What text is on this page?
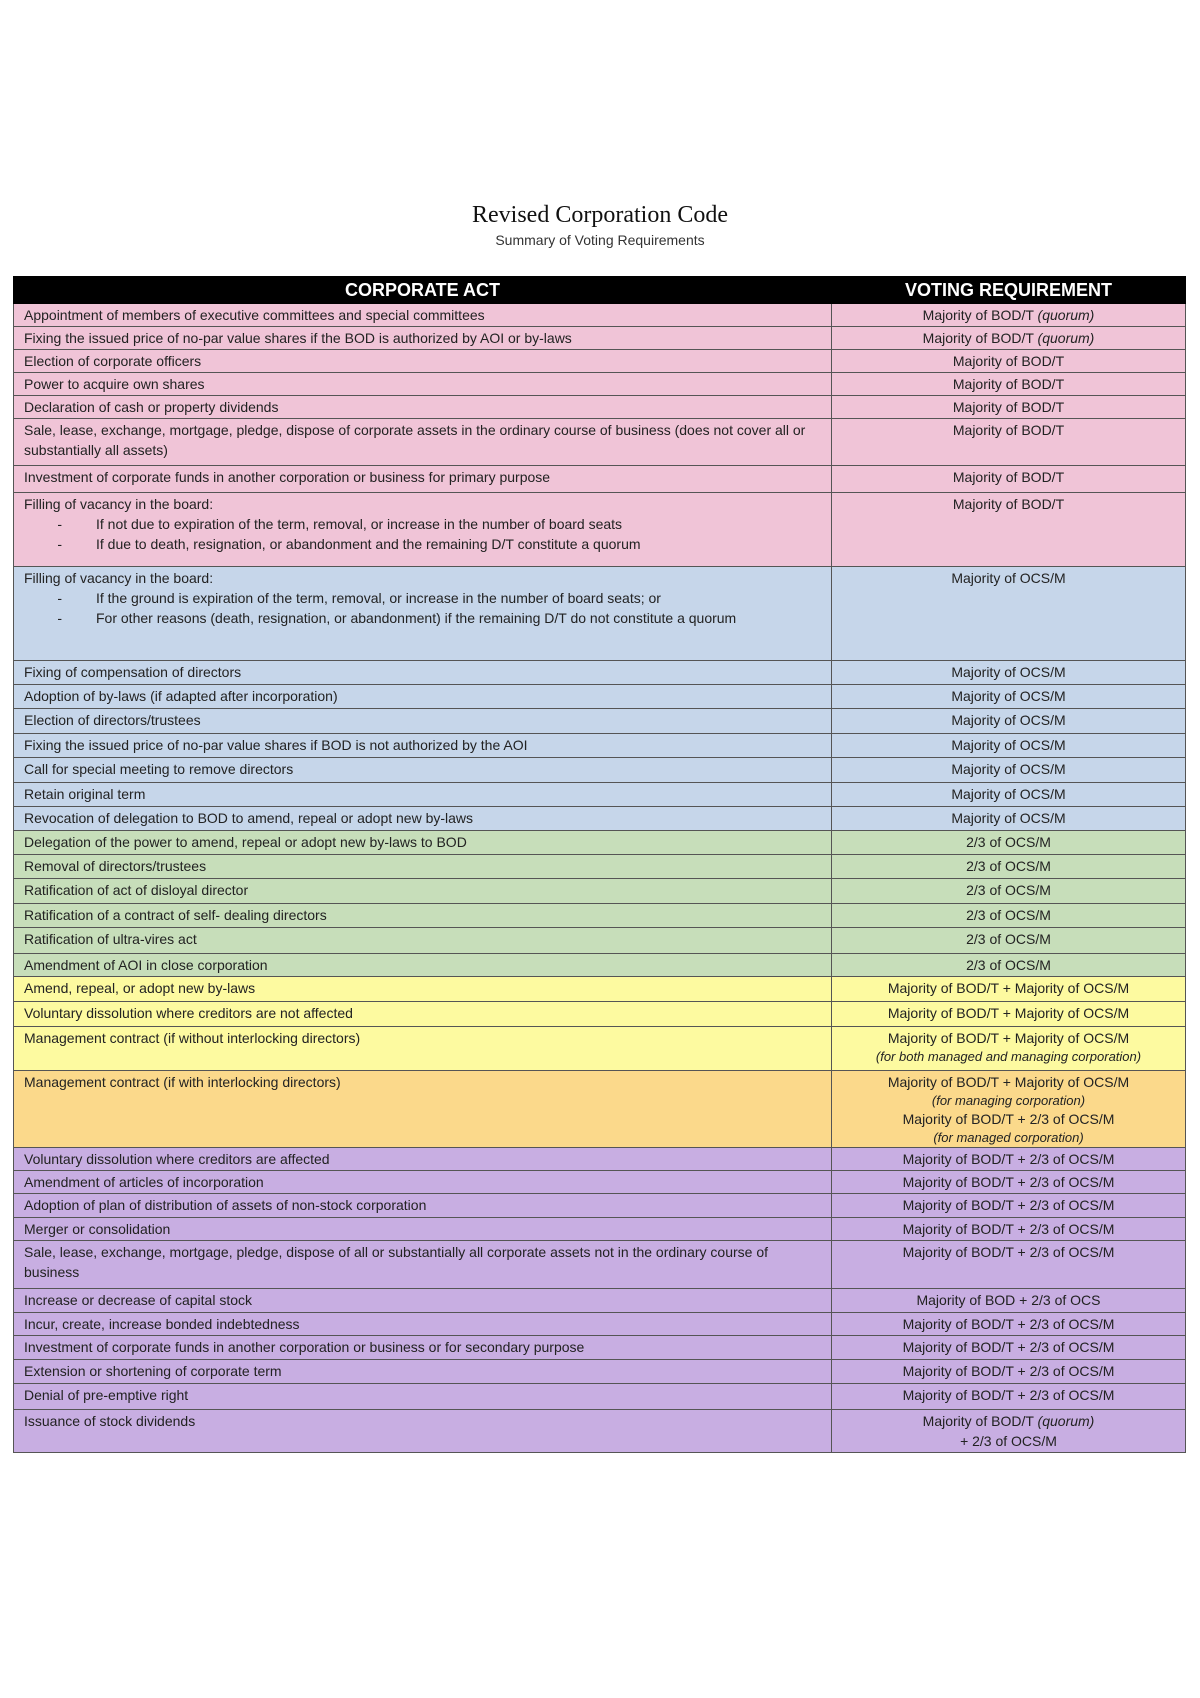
Revised Corporation Code
Summary of Voting Requirements
CORPORATE ACT	VOTING REQUIREMENT

Appointment of members of executive committees and special committees	Majority of BOD/T (quorum)

Fixing the issued price of no-par value shares if the BOD is authorized by AOI or by-laws	Majority of BOD/T (quorum)

Election of corporate officers	Majority of BOD/T

Power to acquire own shares	Majority of BOD/T

Declaration of cash or property dividends	Majority of BOD/T

Sale, lease, exchange, mortgage, pledge, dispose of corporate assets in the ordinary course of business (does not cover all or substantially all assets)	Majority of BOD/T

Investment of corporate funds in another corporation or business for primary purpose	Majority of BOD/T

Filling of vacancy in the board:
- If not due to expiration of the term, removal, or increase in the number of board seats
- If due to death, resignation, or abandonment and the remaining D/T constitute a quorum	Majority of BOD/T

Filling of vacancy in the board:
- If the ground is expiration of the term, removal, or increase in the number of board seats; or
- For other reasons (death, resignation, or abandonment) if the remaining D/T do not constitute a quorum	Majority of OCS/M

Fixing of compensation of directors	Majority of OCS/M

Adoption of by-laws (if adapted after incorporation)	Majority of OCS/M

Election of directors/trustees	Majority of OCS/M

Fixing the issued price of no-par value shares if BOD is not authorized by the AOI	Majority of OCS/M

Call for special meeting to remove directors	Majority of OCS/M

Retain original term	Majority of OCS/M

Revocation of delegation to BOD to amend, repeal or adopt new by-laws	Majority of OCS/M

Delegation of the power to amend, repeal or adopt new by-laws to BOD	2/3 of OCS/M

Removal of directors/trustees	2/3 of OCS/M

Ratification of act of disloyal director	2/3 of OCS/M

Ratification of a contract of self- dealing directors	2/3 of OCS/M

Ratification of ultra-vires act	2/3 of OCS/M

Amendment of AOI in close corporation	2/3 of OCS/M

Amend, repeal, or adopt new by-laws	Majority of BOD/T + Majority of OCS/M

Voluntary dissolution where creditors are not affected	Majority of BOD/T + Majority of OCS/M

Management contract (if without interlocking directors)	Majority of BOD/T + Majority of OCS/M
(for both managed and managing corporation)

Management contract (if with interlocking directors)	Majority of BOD/T + Majority of OCS/M
(for managing corporation)
Majority of BOD/T + 2/3 of OCS/M
(for managed corporation)

Voluntary dissolution where creditors are affected	Majority of BOD/T + 2/3 of OCS/M

Amendment of articles of incorporation	Majority of BOD/T + 2/3 of OCS/M

Adoption of plan of distribution of assets of non-stock corporation	Majority of BOD/T + 2/3 of OCS/M

Merger or consolidation	Majority of BOD/T + 2/3 of OCS/M

Sale, lease, exchange, mortgage, pledge, dispose of all or substantially all corporate assets not in the ordinary course of business	Majority of BOD/T + 2/3 of OCS/M

Increase or decrease of capital stock	Majority of BOD + 2/3 of OCS

Incur, create, increase bonded indebtedness	Majority of BOD/T + 2/3 of OCS/M

Investment of corporate funds in another corporation or business or for secondary purpose	Majority of BOD/T + 2/3 of OCS/M

Extension or shortening of corporate term	Majority of BOD/T + 2/3 of OCS/M

Denial of pre-emptive right	Majority of BOD/T + 2/3 of OCS/M

Issuance of stock dividends	Majority of BOD/T (quorum)
+ 2/3 of OCS/M
